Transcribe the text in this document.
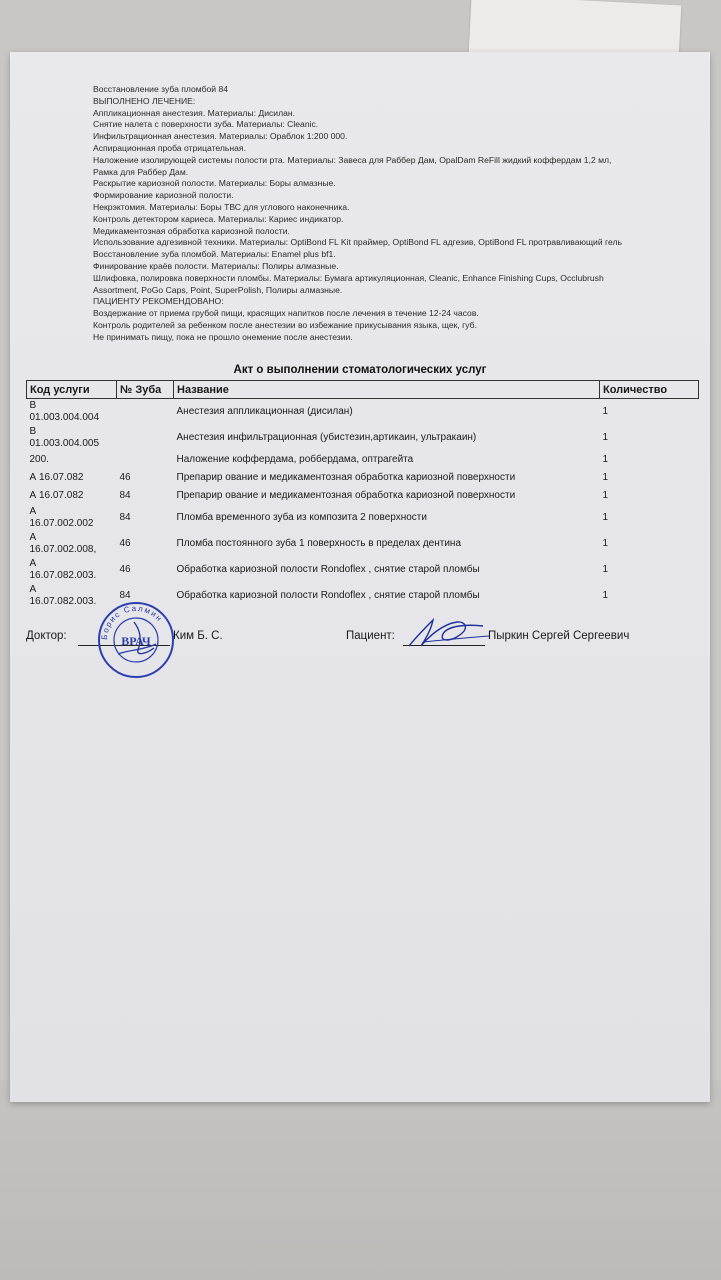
Восстановление зуба пломбой 84
ВЫПОЛНЕНО ЛЕЧЕНИЕ:
Аппликационная анестезия. Материалы: Дисилан.
Снятие налета с поверхности зуба. Материалы: Cleanic.
Инфильтрационная анестезия. Материалы: Ораблок 1:200 000.
Аспирационная проба отрицательная.
Наложение изолирующей системы полости рта. Материалы: Завеса для Раббер Дам, OpalDam ReFill жидкий коффердам 1,2 мл,
Рамка для Раббер Дам.
Раскрытие кариозной полости. Материалы: Боры алмазные.
Формирование кариозной полости.
Некрэктомия. Материалы: Боры ТВС для углового наконечника.
Контроль детектором кариеса. Материалы: Кариес индикатор.
Медикаментозная обработка кариозной полости.
Использование адгезивной техники. Материалы: OptiBond FL Kit праймер, OptiBond FL адгезив, OptiBond FL протравливающий гель
Восстановление зуба пломбой. Материалы: Enamel plus bf1.
Финирование краёв полости. Материалы: Полиры алмазные.
Шлифовка, полировка поверхности пломбы. Материалы: Бумага артикуляционная, Cleanic, Enhance Finishing Cups, Occlubrush
Assortment, PoGo Caps, Point, SuperPolish, Полиры алмазные.
ПАЦИЕНТУ РЕКОМЕНДОВАНО:
Воздержание от приема грубой пищи, красящих напитков после лечения в течение 12-24 часов.
Контроль родителей за ребенком после анестезии во избежание прикусывания языка, щек, губ.
Не принимать пищу, пока не прошло онемение после анестезии.
Акт о выполнении стоматологических услуг
Код услуги	№ Зуба	Название	Количество
В
01.003.004.004		Анестезия аппликационная (дисилан)	1
В
01.003.004.005		Анестезия инфильтрационная (убистезин,артикаин, ультракаин)	1
200.		Наложение коффердама, роббердама, оптрагейта	1
А 16.07.082	46	Препарир ование и медикаментозная обработка кариозной поверхности	1
А 16.07.082	84	Препарир ование и медикаментозная обработка кариозной поверхности	1
А
16.07.002.002	84	Пломба временного зуба из композита 2 поверхности	1
А
16.07.002.008,	46	Пломба постоянного зуба 1 поверхность в пределах дентина	1
А
16.07.082.003.	46	Обработка кариозной полости Rondoflex , снятие старой пломбы	1
А
16.07.082.003.	84	Обработка кариозной полости Rondoflex , снятие старой пломбы	1
Доктор:	Ким Б. С.	Пациент:	Пыркин Сергей Сергеевич
Борис Салмин
ВРАЧ
